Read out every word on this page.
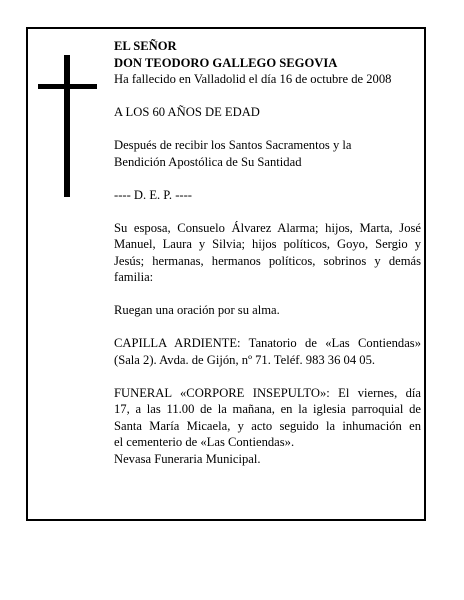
EL SEÑOR
DON TEODORO GALLEGO SEGOVIA
Ha fallecido en Valladolid el día 16 de octubre de 2008
A LOS 60 AÑOS DE EDAD
Después de recibir los Santos Sacramentos y la
Bendición Apostólica de Su Santidad
---- D. E. P. ----
Su esposa, Consuelo Álvarez Alarma; hijos, Marta, José
Manuel, Laura y Silvia; hijos políticos, Goyo, Sergio y
Jesús; hermanas, hermanos políticos, sobrinos y demás
familia:
Ruegan una oración por su alma.
CAPILLA ARDIENTE: Tanatorio de «Las Contiendas»
(Sala 2). Avda. de Gijón, nº 71. Teléf. 983 36 04 05.
FUNERAL «CORPORE INSEPULTO»: El viernes, día
17, a las 11.00 de la mañana, en la iglesia parroquial de
Santa María Micaela, y acto seguido la inhumación en
el cementerio de «Las Contiendas».
Nevasa Funeraria Municipal.
